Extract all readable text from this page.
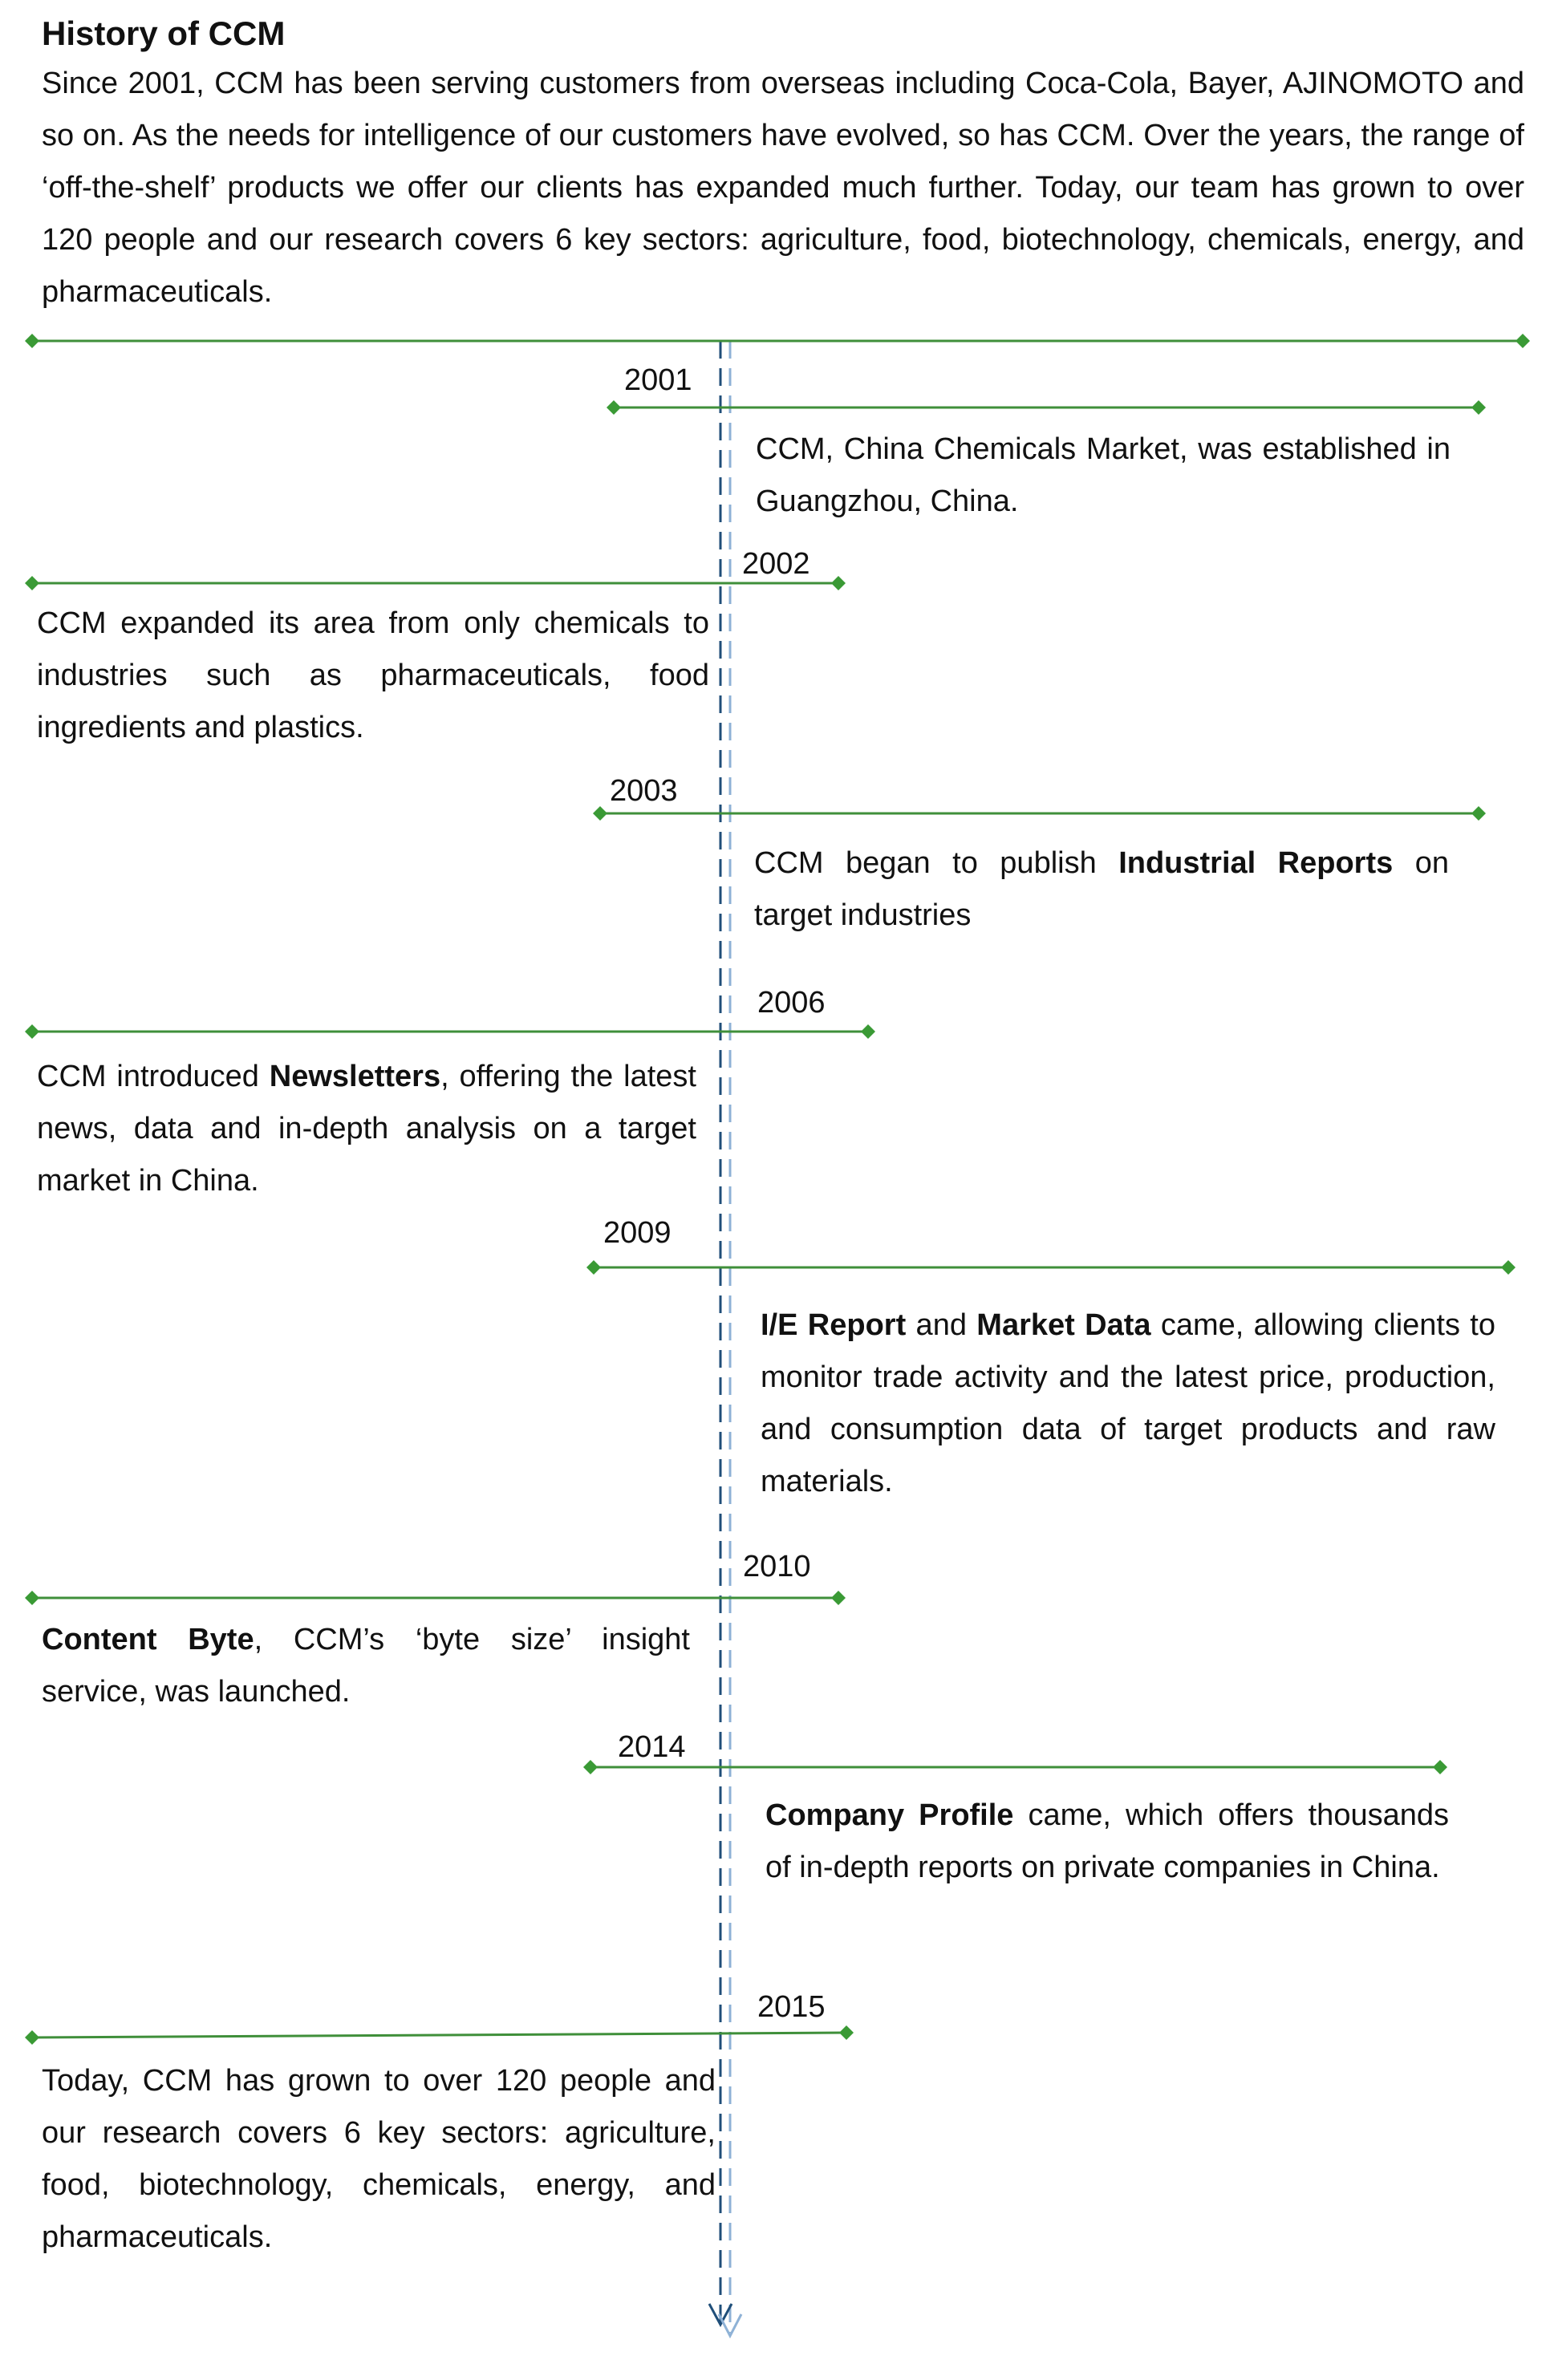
History of CCM

Since 2001, CCM has been serving customers from overseas including Coca-Cola, Bayer, AJINOMOTO and so on. As the needs for intelligence of our customers have evolved, so has CCM. Over the years, the range of ‘off-the-shelf’ products we offer our clients has expanded much further. Today, our team has grown to over 120 people and our research covers 6 key sectors: agriculture, food, biotechnology, chemicals, energy, and pharmaceuticals.

2001

CCM, China Chemicals Market, was established in Guangzhou, China.

2002

CCM expanded its area from only chemicals to industries such as pharmaceuticals, food ingredients and plastics.

2003

CCM began to publish Industrial Reports on target industries

2006

CCM introduced Newsletters, offering the latest news, data and in-depth analysis on a target market in China.

2009

I/E Report and Market Data came, allowing clients to monitor trade activity and the latest price, production, and consumption data of target products and raw materials.

2010

Content Byte, CCM’s ‘byte size’ insight service, was launched.

2014

Company Profile came, which offers thousands of in-depth reports on private companies in China.

2015

Today, CCM has grown to over 120 people and our research covers 6 key sectors: agriculture, food, biotechnology, chemicals, energy, and pharmaceuticals.
